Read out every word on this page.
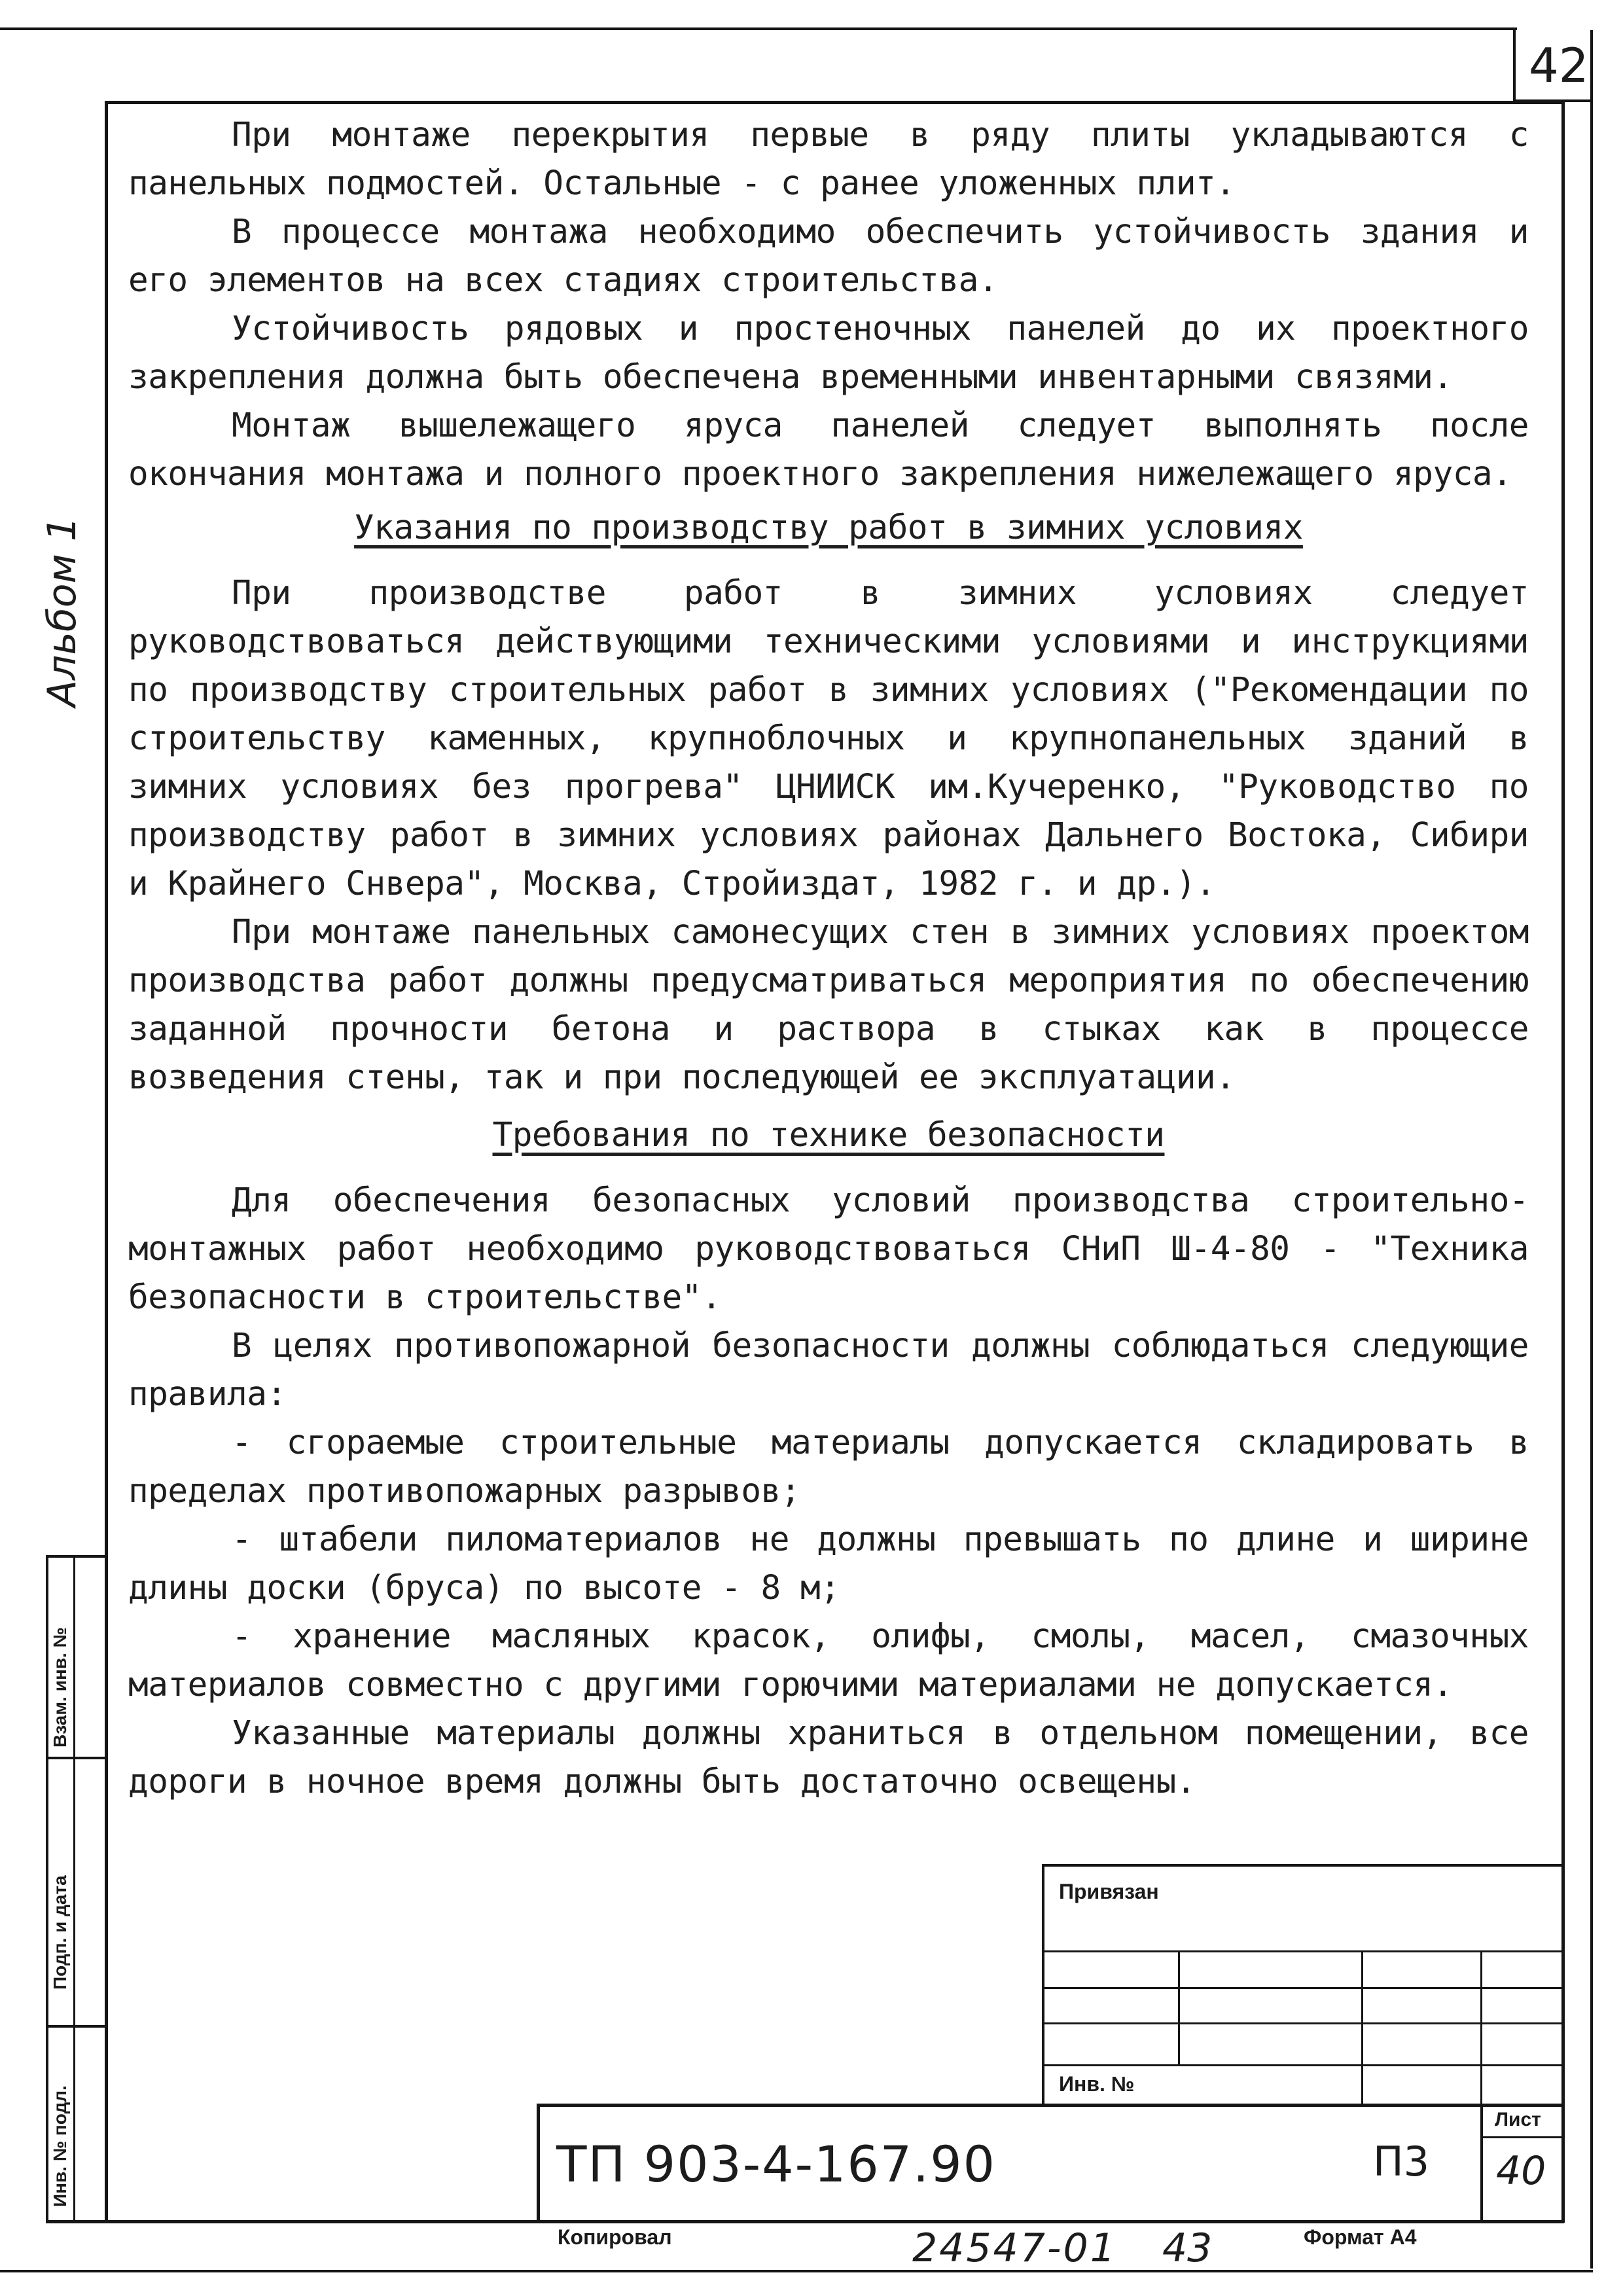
42
Альбом 1

При монтаже перекрытия первые в ряду плиты укладываются с панельных подмостей. Остальные - с ранее уложенных плит.

В процессе монтажа необходимо обеспечить устойчивость здания и его элементов на всех стадиях строительства.

Устойчивость рядовых и простеночных панелей до их проектного закрепления должна быть обеспечена временными инвентарными связями.

Монтаж вышележащего яруса панелей следует выполнять после окончания монтажа и полного проектного закрепления нижележащего яруса.

Указания по производству работ в зимних условиях

При производстве работ в зимних условиях следует руководствоваться действующими техническими условиями и инструкциями по производству строительных работ в зимних условиях ("Рекомендации по строительству каменных, крупноблочных и крупнопанельных зданий в зимних условиях без прогрева" ЦНИИСК им.Кучеренко, "Руководство по производству работ в зимних условиях районах Дальнего Востока, Сибири и Крайнего Снвера", Москва, Стройиздат, 1982 г. и др.).

При монтаже панельных самонесущих стен в зимних условиях проектом производства работ должны предусматриваться мероприятия по обеспечению заданной прочности бетона и раствора в стыках как в процессе возведения стены, так и при последующей ее эксплуатации.

Требования по технике безопасности

Для обеспечения безопасных условий производства строительно-монтажных работ необходимо руководствоваться СНиП Ш-4-80 - "Техника безопасности в строительстве".

В целях противопожарной безопасности должны соблюдаться следующие правила:

- сгораемые строительные материалы допускается складировать в пределах противопожарных разрывов;

- штабели пиломатериалов не должны превышать по длине и ширине длины доски (бруса) по высоте - 8 м;

- хранение масляных красок, олифы, смолы, масел, смазочных материалов совместно с другими горючими материалами не допускается.

Указанные материалы должны храниться в отдельном помещении, все дороги в ночное время должны быть достаточно освещены.

Взам. инв. №
Подп. и дата
Инв. № подл.
Привязан
Инв. №
ТП 903-4-167.90	П3
Лист
40
Копировал	24547-01 43	Формат А4
